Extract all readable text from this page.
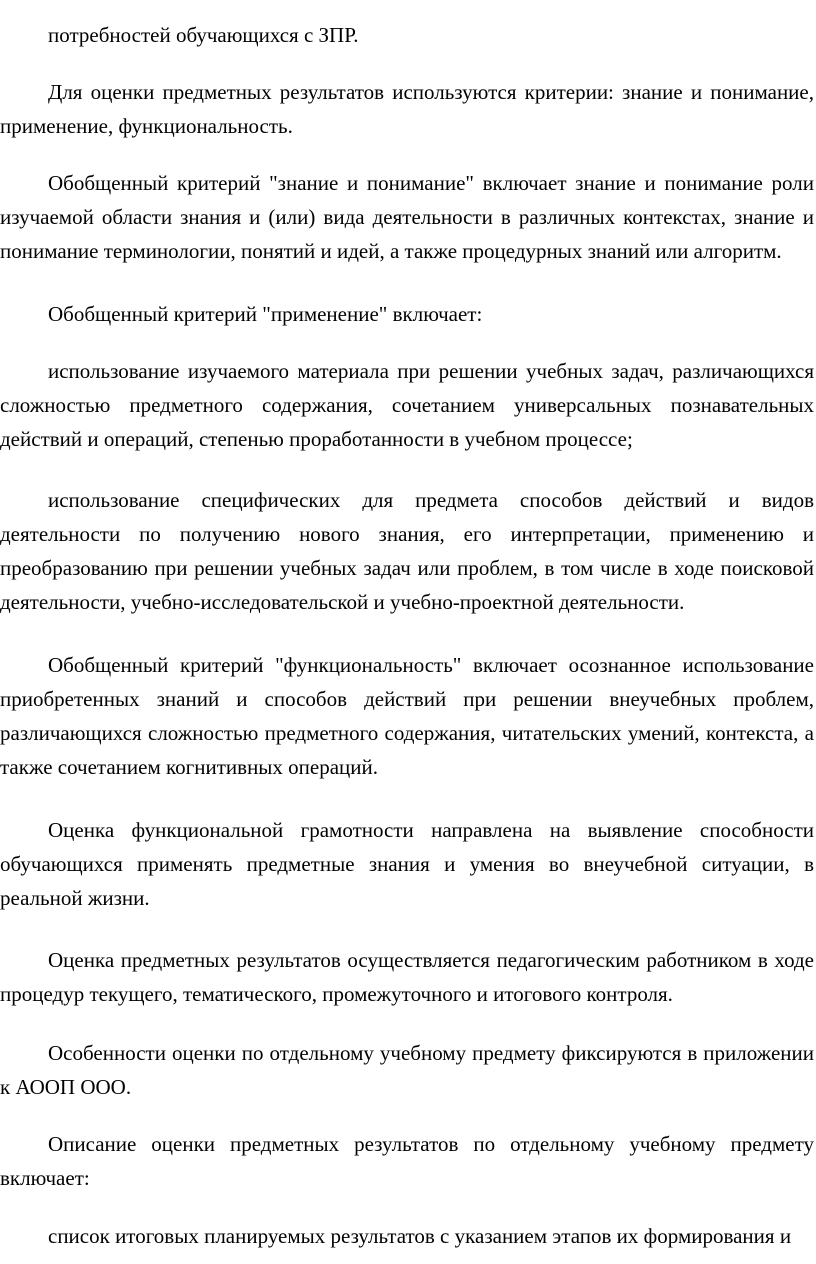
потребностей обучающихся с ЗПР.

Для оценки предметных результатов используются критерии: знание и понимание, применение, функциональность.

Обобщенный критерий "знание и понимание" включает знание и понимание роли изучаемой области знания и (или) вида деятельности в различных контекстах, знание и понимание терминологии, понятий и идей, а также процедурных знаний или алгоритм.

Обобщенный критерий "применение" включает:

использование изучаемого материала при решении учебных задач, различающихся сложностью предметного содержания, сочетанием универсальных познавательных действий и операций, степенью проработанности в учебном процессе;

использование специфических для предмета способов действий и видов деятельности по получению нового знания, его интерпретации, применению и преобразованию при решении учебных задач или проблем, в том числе в ходе поисковой деятельности, учебно-исследовательской и учебно-проектной деятельности.

Обобщенный критерий "функциональность" включает осознанное использование приобретенных знаний и способов действий при решении внеучебных проблем, различающихся сложностью предметного содержания, читательских умений, контекста, а также сочетанием когнитивных операций.

Оценка функциональной грамотности направлена на выявление способности обучающихся применять предметные знания и умения во внеучебной ситуации, в реальной жизни.

Оценка предметных результатов осуществляется педагогическим работником в ходе процедур текущего, тематического, промежуточного и итогового контроля.

Особенности оценки по отдельному учебному предмету фиксируются в приложении к АООП ООО.

Описание оценки предметных результатов по отдельному учебному предмету включает:

список итоговых планируемых результатов с указанием этапов их формирования и
